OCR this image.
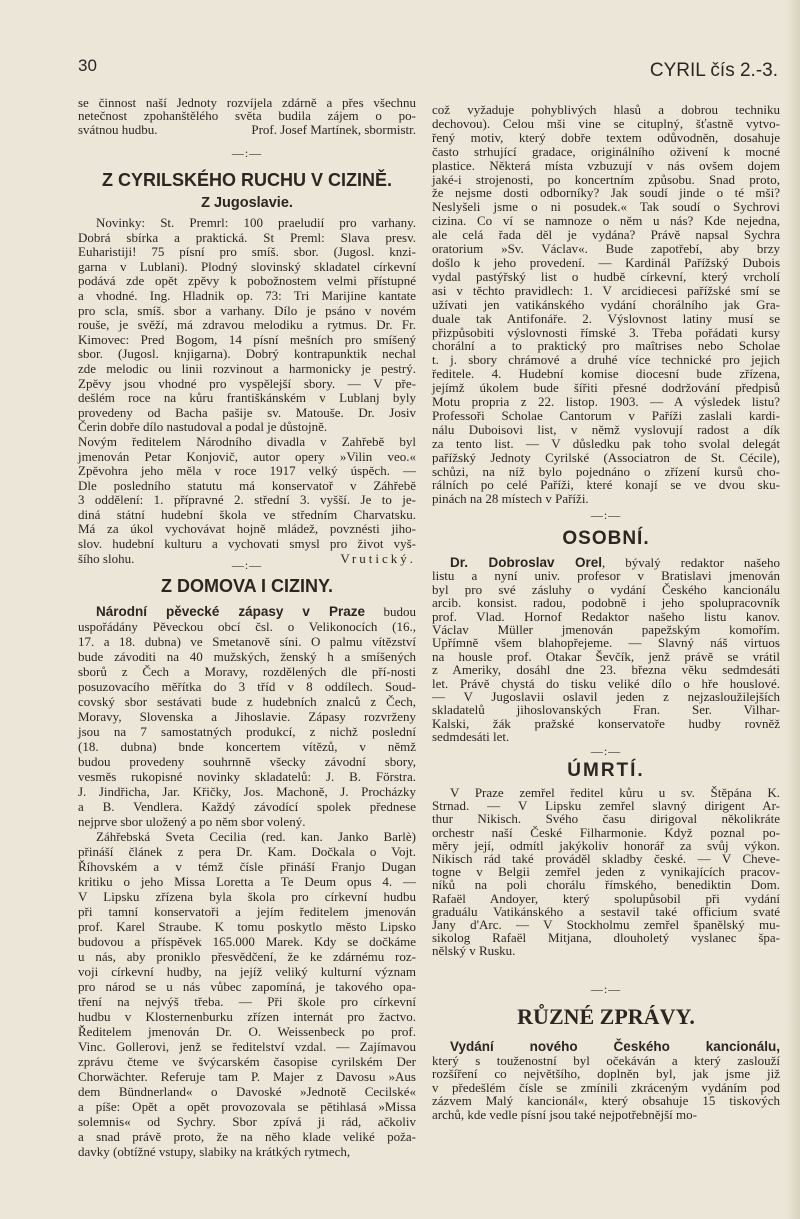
30	CYRIL čís 2.-3.
se činnost naší Jednoty rozvíjela zdárně a přes všechnu
netečnost zpohanštělého světa budila zájem o po-
Prof. Josef Martínek, sbormistr.
svátnou hudbu.
—:—
Z CYRILSKÉHO RUCHU V CIZINĚ.
Z Jugoslavie.
Novinky: St. Premrl: 100 praeludií pro varhany.
Dobrá sbírka a praktická. St Preml: Slava presv.
Euharistiji! 75 písní pro smíš. sbor. (Jugosl. knzi-
garna v Lublani). Plodný slovinský skladatel církevní
podává zde opět zpěvy k pobožnostem velmi přístupné
a vhodné. Ing. Hladnik op. 73: Tri Marijine kantate
pro scla, smíš. sbor a varhany. Dílo je psáno v novém
rouše, je svěží, má zdravou melodiku a rytmus. Dr. Fr.
Kimovec: Pred Bogom, 14 písní mešních pro smíšený
sbor. (Jugosl. knjigarna). Dobrý kontrapunktik nechal
zde melodic ou linii rozvinout a harmonicky je pestrý.
Zpěvy jsou vhodné pro vyspělejší sbory. — V pře-
dešlém roce na kůru františkánském v Lublanj byly
provedeny od Bacha pašije sv. Matouše. Dr. Josiv
Čerin dobře dílo nastudoval a podal je důstojně.
Novým ředitelem Národního divadla v Zahřebě byl
jmenován Petar Konjovič, autor opery »Vilin veo.«
Zpěvohra jeho měla v roce 1917 velký úspěch. —
Dle posledního statutu má konservatoř v Záhřebě
3 oddělení: 1. přípravné 2. střední 3. vyšší. Je to je-
diná státní hudební škola ve středním Charvatsku.
Má za úkol vychovávat hojně mládež, povznésti jiho-
slov. hudební kulturu a vychovati smysl pro život vyš-
Vrutický.
šího slohu.	—:—
Z DOMOVA I CIZINY.
Národní pěvecké zápasy v Praze budou
uspořádány Pěveckou obcí čsl. o Velikonocích (16.,
17. a 18. dubna) ve Smetanově síni. O palmu vítězství
bude závoditi na 40 mužských, ženský h a smíšených
sborů z Čech a Moravy, rozdělených dle pří-nosti
posuzovacího měřítka do 3 tříd v 8 oddílech. Soud-
covský sbor sestávati bude z hudebních znalců z Čech,
Moravy, Slovenska a Jihoslavie. Zápasy rozvrženy
jsou na 7 samostatných produkcí, z nichž poslední
(18. dubna) bnde koncertem vítězů, v němž
budou provedeny souhrnně všecky závodní sbory,
vesměs rukopisné novinky skladatelů: J. B. Förstra.
J. Jindřicha, Jar. Křičky, Jos. Machoně, J. Procházky
a B. Vendlera. Každý závodící spolek přednese
nejprve sbor uložený a po něm sbor volený.
Záhřebská Sveta Cecilia (red. kan. Janko Barlè)
přináší článek z pera Dr. Kam. Dočkala o Vojt.
Říhovském a v témž čísle přináší Franjo Dugan
kritiku o jeho Missa Loretta a Te Deum opus 4. —
V Lipsku zřízena byla škola pro církevní hudbu
při tamní konservatoři a jejím ředitelem jmenován
prof. Karel Straube. K tomu poskytlo město Lipsko
budovou a příspěvek 165.000 Marek. Kdy se dočkáme
u nás, aby proniklo přesvědčení, že ke zdárnému roz-
voji církevní hudby, na jejíž veliký kulturní význam
pro národ se u nás vůbec zapomíná, je takového opa-
tření na nejvýš třeba. — Při škole pro církevní
hudbu v Klosternenburku zřízen internát pro žactvo.
Ředitelem jmenován Dr. O. Weissenbeck po prof.
Vinc. Gollerovi, jenž se ředitelství vzdal. — Zajímavou
zprávu čteme ve švýcarském časopise cyrilském Der
Chorwächter. Referuje tam P. Majer z Davosu »Aus
dem Bündnerland« o Davoské »Jednotě Cecilské«
a píše: Opět a opět provozovala se pětihlasá »Missa
solemnis« od Sychry. Sbor zpívá ji rád, ačkoliv
a snad právě proto, že na něho klade veliké poža-
davky (obtížné vstupy, slabiky na krátkých rytmech,
což vyžaduje pohyblivých hlasů a dobrou techniku
dechovou). Celou mši vine se cituplný, šťastně vytvo-
řený motiv, který dobře textem odůvodněn, dosahuje
často strhující gradace, originálního oživení k mocné
plastice. Některá místa vzbuzují v nás ovšem dojem
jaké-i strojenosti, po koncertním způsobu. Snad proto,
že nejsme dosti odborníky? Jak soudí jinde o té mši?
Neslyšeli jsme o ni posudek.« Tak soudí o Sychrovi
cizina. Co ví se namnoze o něm u nás? Kde nejedna,
ale celá řada děl je vydána? Právě napsal Sychra
oratorium »Sv. Václav«. Bude zapotřebí, aby brzy
došlo k jeho provedení. — Kardinál Pařížský Dubois
vydal pastýřský list o hudbě církevní, který vrcholí
asi v těchto pravidlech: 1. V arcidiecesi pařížské smí se
užívati jen vatikánského vydání chorálního jak Gra-
duale tak Antifonáře. 2. Výslovnost latiny musí se
přizpůsobiti výslovnosti římské 3. Třeba pořádati kursy
chorální a to praktický pro maîtrises nebo Scholae
t. j. sbory chrámové a druhé více technické pro jejich
ředitele. 4. Hudební komise diocesní bude zřízena,
jejímž úkolem bude šířiti přesné dodržování předpisů
Motu propria z 22. listop. 1903. — A výsledek listu?
Professoři Scholae Cantorum v Paříži zaslali kardi-
nálu Duboisovi list, v němž vyslovují radost a dík
za tento list. — V důsledku pak toho svolal delegát
pařížský Jednoty Cyrilské (Associatron de St. Cécile),
schůzi, na níž bylo pojednáno o zřízení kursů cho-
rálních po celé Paříži, které konají se ve dvou sku-
pinách na 28 místech v Paříži.
—:—
OSOBNÍ.
Dr. Dobroslav Orel, bývalý redaktor našeho
listu a nyní univ. profesor v Bratislavi jmenován
byl pro své zásluhy o vydání Českého kancionálu
arcib. konsist. radou, podobně i jeho spolupracovník
prof. Vlad. Hornof Redaktor našeho listu kanov.
Václav Müller jmenován papežským komořím.
Upřímně všem blahopřejeme. — Slavný náš virtuos
na housle prof. Otakar Ševčík, jenž právě se vrátil
z Ameriky, dosáhl dne 23. března věku sedmdesáti
let. Právě chystá do tisku veliké dílo o hře houslové.
— V Jugoslavii oslavil jeden z nejzasloužilejších
skladatelů jihoslovanských Fran. Ser. Vilhar-
Kalski, žák pražské konservatoře hudby rovněž
sedmdesáti let.
—:—
ÚMRTÍ.
V Praze zemřel ředitel kůru u sv. Štěpána K.
Strnad. — V Lipsku zemřel slavný dirigent Ar-
thur Nikisch. Svého času dirigoval několikráte
orchestr naší České Filharmonie. Když poznal po-
měry její, odmítl jakýkoliv honorář za svůj výkon.
Nikisch rád také prováděl skladby české. — V Cheve-
togne v Belgii zemřel jeden z vynikajících pracov-
níků na poli chorálu římského, benediktin Dom.
Rafaël Andoyer, který spolupůsobil při vydání
graduálu Vatikánského a sestavil také officium svaté
Jany d'Arc. — V Stockholmu zemřel španělský mu-
sikolog Rafaël Mitjana, dlouholetý vyslanec špa-
nělský v Rusku.
—:—
RŮZNÉ ZPRÁVY.
Vydání nového Českého kancionálu,
který s touženostní byl očekáván a který zaslouží
rozšíření co největšího, doplněn byl, jak jsme již
v předešlém čísle se zmínili zkráceným vydáním pod
zázvem Malý kancionál«, který obsahuje 15 tiskových
archů, kde vedle písní jsou také nejpotřebnější mo-
